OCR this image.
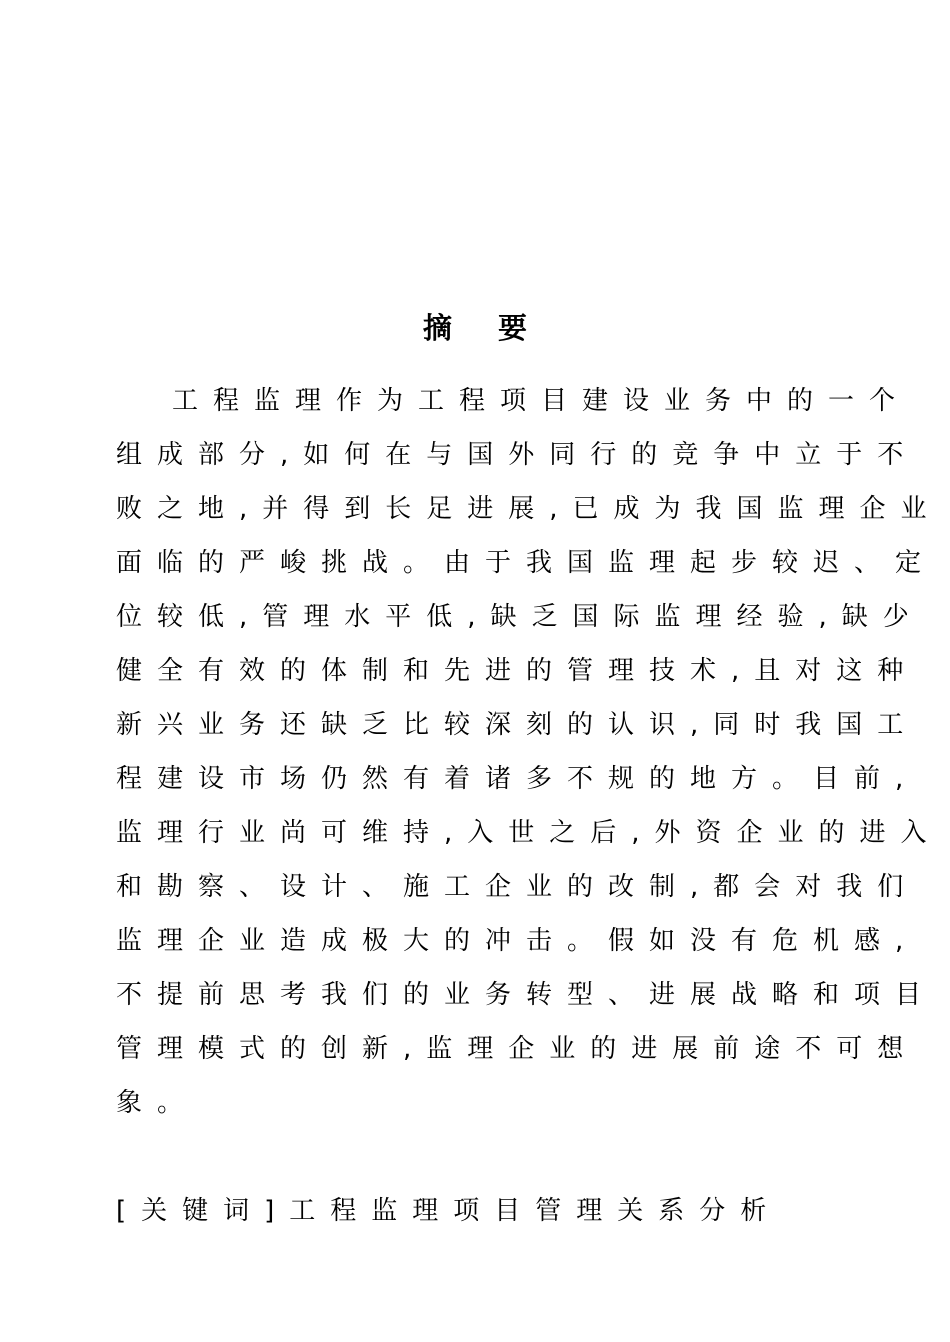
摘 要
工程监理作为工程项目建设业务中的一个
组成部分,如何在与国外同行的竞争中立于不
败之地,并得到长足进展,已成为我国监理企业
面临的严峻挑战。由于我国监理起步较迟、定
位较低,管理水平低,缺乏国际监理经验,缺少
健全有效的体制和先进的管理技术,且对这种
新兴业务还缺乏比较深刻的认识,同时我国工
程建设市场仍然有着诸多不规的地方。目前,
监理行业尚可维持,入世之后,外资企业的进入
和勘察、设计、施工企业的改制,都会对我们
监理企业造成极大的冲击。假如没有危机感,
不提前思考我们的业务转型、进展战略和项目
管理模式的创新,监理企业的进展前途不可想
象。
[关键词]工程监理项目管理关系分析
